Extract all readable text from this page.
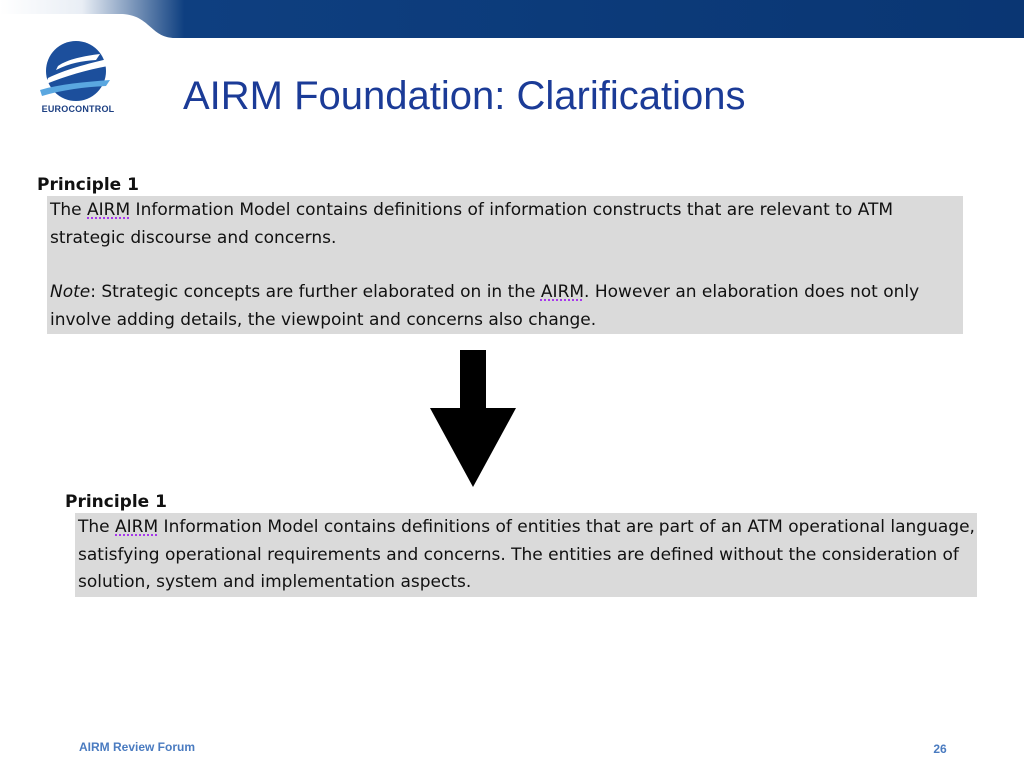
EUROCONTROL AIRM Foundation: Clarifications
Principle 1

The AIRM Information Model contains definitions of information constructs that are relevant to ATM strategic discourse and concerns.

Note: Strategic concepts are further elaborated on in the AIRM. However an elaboration does not only involve adding details, the viewpoint and concerns also change.

Principle 1

The AIRM Information Model contains definitions of entities that are part of an ATM operational language, satisfying operational requirements and concerns. The entities are defined without the consideration of solution, system and implementation aspects.

AIRM Review Forum	26
